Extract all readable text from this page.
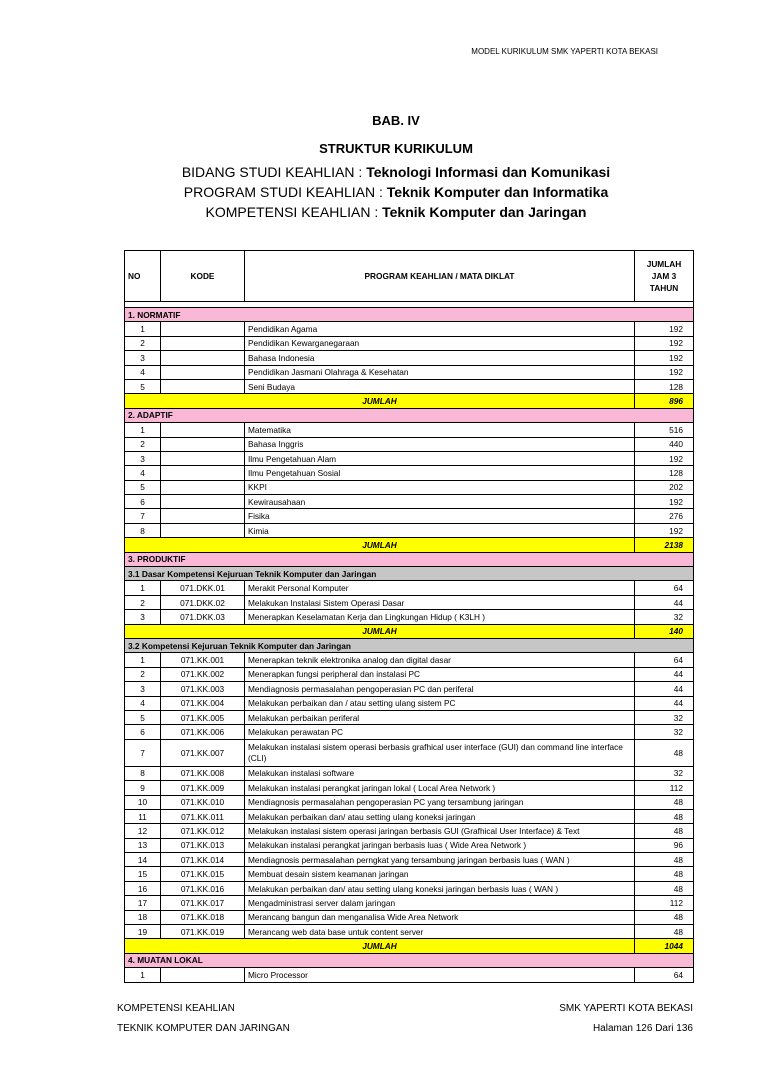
MODEL KURIKULUM SMK YAPERTI KOTA BEKASI
BAB. IV
STRUKTUR KURIKULUM
BIDANG STUDI KEAHLIAN : Teknologi Informasi dan Komunikasi
PROGRAM STUDI KEAHLIAN : Teknik Komputer dan Informatika
KOMPETENSI KEAHLIAN : Teknik Komputer dan Jaringan
NO	KODE	PROGRAM KEAHLIAN / MATA DIKLAT	JUMLAH JAM 3 TAHUN

1. NORMATIF			
1		Pendidikan Agama	192
2		Pendidikan Kewarganegaraan	192
3		Bahasa Indonesia	192
4		Pendidikan Jasmani Olahraga & Kesehatan	192
5		Seni Budaya	128
JUMLAH			896
2. ADAPTIF			
1		Matematika	516
2		Bahasa Inggris	440
3		Ilmu Pengetahuan Alam	192
4		Ilmu Pengetahuan Sosial	128
5		KKPI	202
6		Kewirausahaan	192
7		Fisika	276
8		Kimia	192
JUMLAH			2138
3. PRODUKTIF			
3.1 Dasar Kompetensi Kejuruan Teknik Komputer dan Jaringan			
1	071.DKK.01	Merakit Personal Komputer	64
2	071.DKK.02	Melakukan Instalasi Sistem Operasi Dasar	44
3	071.DKK.03	Menerapkan Keselamatan Kerja dan Lingkungan Hidup ( K3LH )	32
JUMLAH			140
3.2 Kompetensi Kejuruan Teknik Komputer dan Jaringan			
1	071.KK.001	Menerapkan teknik elektronika analog dan digital dasar	64
2	071.KK.002	Menerapkan fungsi peripheral dan instalasi PC	44
3	071.KK.003	Mendiagnosis permasalahan pengoperasian PC dan periferal	44
4	071.KK.004	Melakukan perbaikan dan / atau setting ulang sistem PC	44
5	071.KK.005	Melakukan perbaikan periferal	32
6	071.KK.006	Melakukan perawatan PC	32
7	071.KK.007	Melakukan instalasi sistem operasi berbasis grafhical user interface (GUI) dan command line interface (CLI)	48
8	071.KK.008	Melakukan instalasi software	32
9	071.KK.009	Melakukan instalasi perangkat jaringan lokal ( Local Area Network )	112
10	071.KK.010	Mendiagnosis permasalahan pengoperasian PC yang tersambung jaringan	48
11	071.KK.011	Melakukan perbaikan dan/ atau setting ulang koneksi jaringan	48
12	071.KK.012	Melakukan instalasi sistem operasi jaringan berbasis GUI (Grafhical User Interface) & Text	48
13	071.KK.013	Melakukan instalasi perangkat jaringan berbasis luas ( Wide Area Network )	96
14	071.KK.014	Mendiagnosis permasalahan perngkat yang tersambung jaringan berbasis luas ( WAN )	48
15	071.KK.015	Membuat desain sistem keamanan jaringan	48
16	071.KK.016	Melakukan perbaikan dan/ atau setting ulang koneksi jaringan berbasis luas ( WAN )	48
17	071.KK.017	Mengadministrasi server dalam jaringan	112
18	071.KK.018	Merancang bangun dan menganalisa Wide Area Network	48
19	071.KK.019	Merancang web data base untuk content server	48
JUMLAH			1044
4. MUATAN LOKAL			
1		Micro Processor	64
KOMPETENSI KEAHLIAN
TEKNIK KOMPUTER DAN JARINGAN
SMK YAPERTI KOTA BEKASI
Halaman 126 Dari 136
